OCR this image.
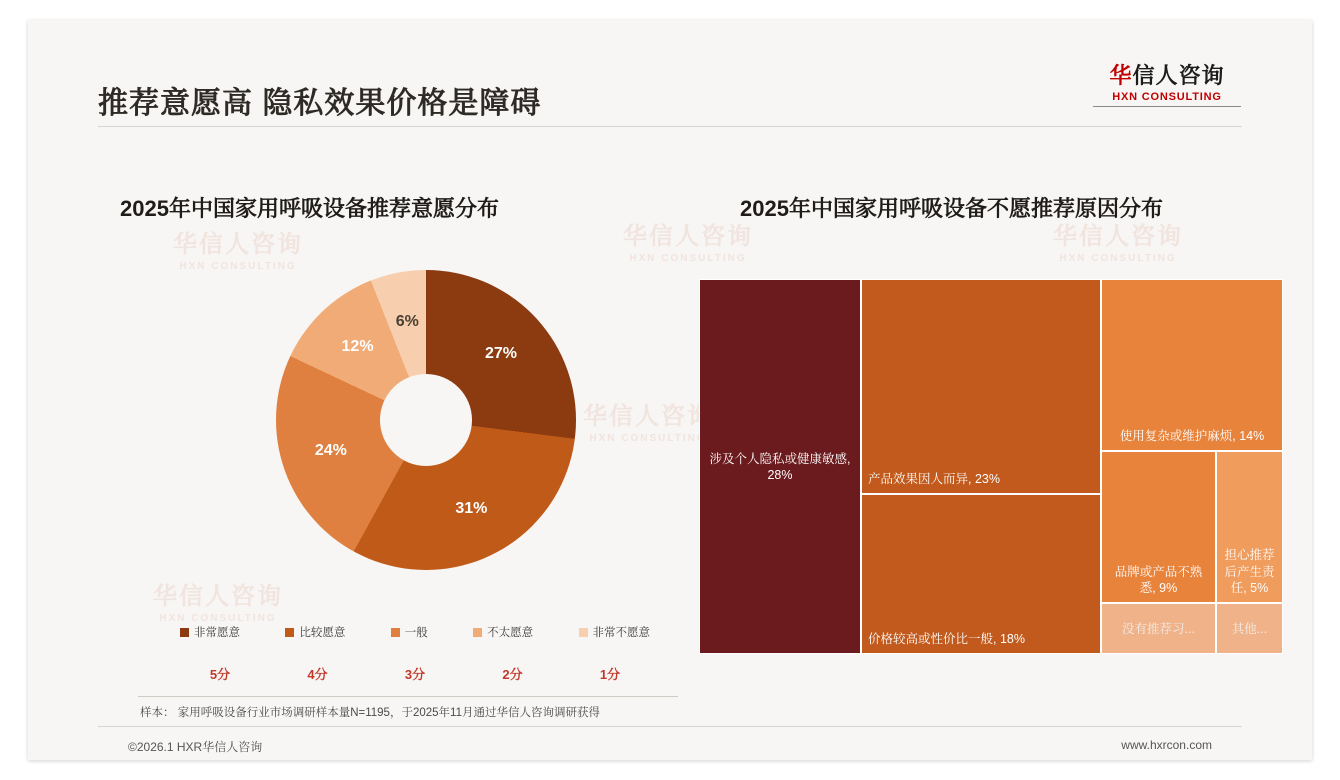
推荐意愿高 隐私效果价格是障碍
华信人咨询
HXN CONSULTING
华信人咨询
HXN CONSULTING
华信人咨询
HXN CONSULTING
华信人咨询
HXN CONSULTING
华信人咨询
HXN CONSULTING
华信人咨询
HXN CONSULTING
2025年中国家用呼吸设备推荐意愿分布	2025年中国家用呼吸设备不愿推荐原因分布
27%
31%
24%
12%
6%
非常愿意	比较愿意	一般	不太愿意	非常不愿意
5分	4分	3分	2分	1分
涉及个人隐私或健康敏感, 28%	产品效果因人而异, 23%
价格较高或性价比一般, 18%
使用复杂或维护麻烦, 14%
品牌或产品不熟悉, 9%
担心推荐后产生责任, 5%
没有推荐习...	其他...
样本： 家用呼吸设备行业市场调研样本量N=1195，于2025年11月通过华信人咨询调研获得
©2026.1 HXR华信人咨询	www.hxrcon.com
